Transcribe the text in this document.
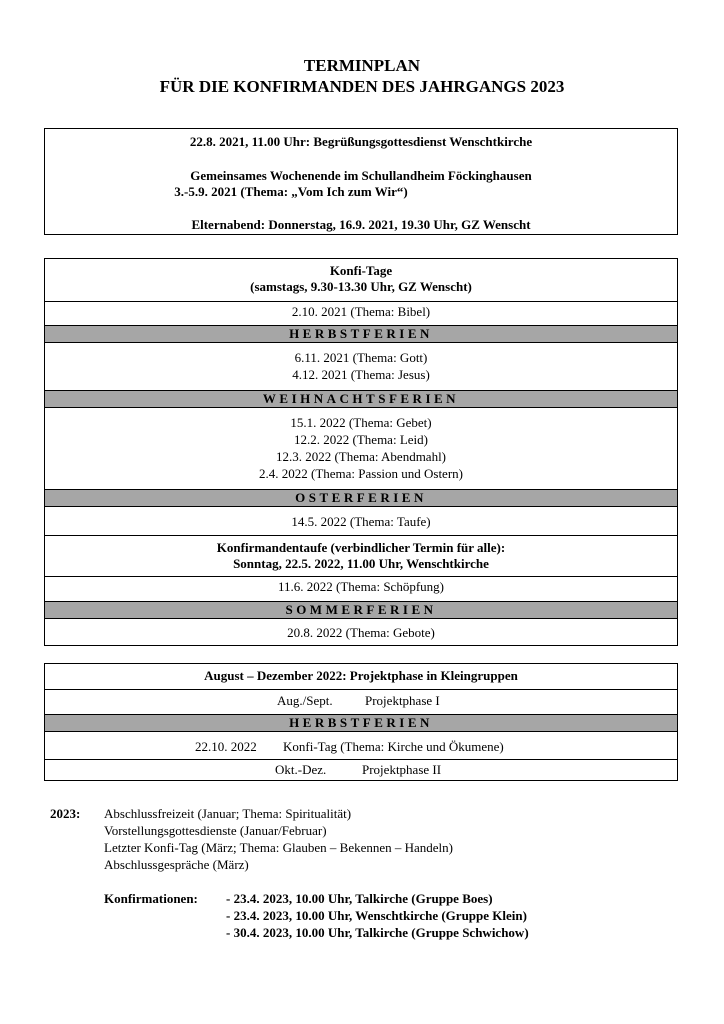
TERMINPLAN
FÜR DIE KONFIRMANDEN DES JAHRGANGS 2023
22.8. 2021, 11.00 Uhr: Begrüßungsgottesdienst Wenschtkirche
Gemeinsames Wochenende im Schullandheim Föckinghausen
3.-5.9. 2021 (Thema: „Vom Ich zum Wir“)
Elternabend: Donnerstag, 16.9. 2021, 19.30 Uhr, GZ Wenscht
Konfi-Tage
(samstags, 9.30-13.30 Uhr, GZ Wenscht)
2.10. 2021 (Thema: Bibel)
HERBSTFERIEN
6.11. 2021 (Thema: Gott)
4.12. 2021 (Thema: Jesus)
WEIHNACHTSFERIEN
15.1. 2022 (Thema: Gebet)
12.2. 2022 (Thema: Leid)
12.3. 2022 (Thema: Abendmahl)
2.4. 2022 (Thema: Passion und Ostern)
OSTERFERIEN
14.5. 2022 (Thema: Taufe)
Konfirmandentaufe (verbindlicher Termin für alle):
Sonntag, 22.5. 2022, 11.00 Uhr, Wenschtkirche
11.6. 2022 (Thema: Schöpfung)
SOMMERFERIEN
20.8. 2022 (Thema: Gebote)
August – Dezember 2022: Projektphase in Kleingruppen
Aug./Sept. Projektphase I
HERBSTFERIEN
22.10. 2022 Konfi-Tag (Thema: Kirche und Ökumene)
Okt.-Dez.	Projektphase II
2023: Abschlussfreizeit (Januar; Thema: Spiritualität)
Vorstellungsgottesdienste (Januar/Februar)
Letzter Konfi-Tag (März; Thema: Glauben – Bekennen – Handeln)
Abschlussgespräche (März)
Konfirmationen: - 23.4. 2023, 10.00 Uhr, Talkirche (Gruppe Boes)
- 23.4. 2023, 10.00 Uhr, Wenschtkirche (Gruppe Klein)
- 30.4. 2023, 10.00 Uhr, Talkirche (Gruppe Schwichow)
